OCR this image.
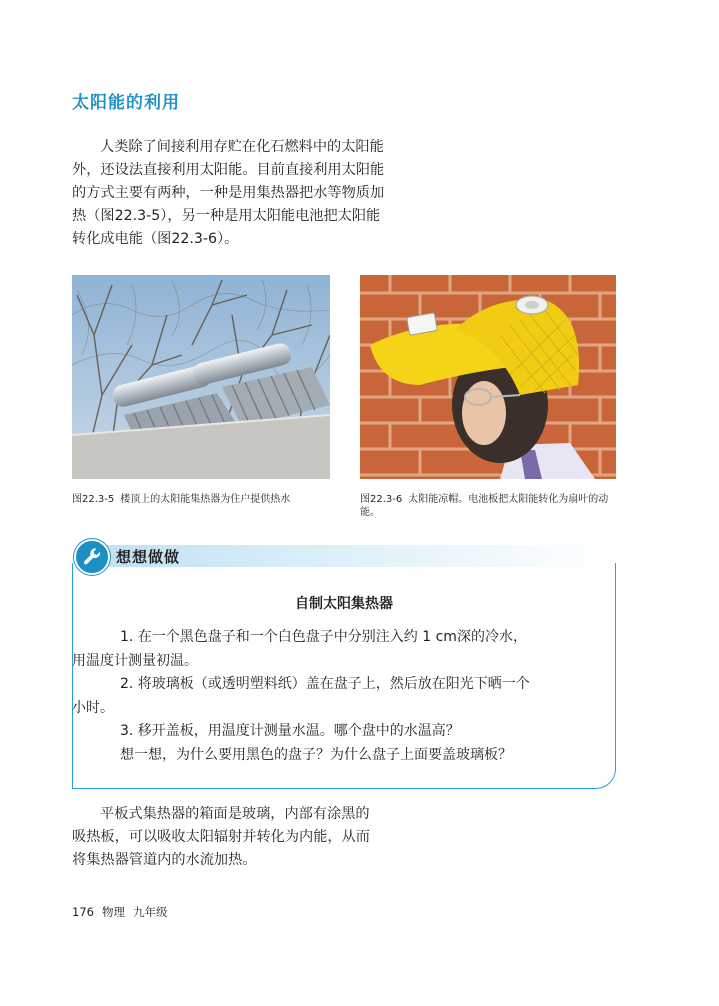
太阳能的利用
人类除了间接利用存贮在化石燃料中的太阳能
外，还设法直接利用太阳能。目前直接利用太阳能
的方式主要有两种，一种是用集热器把水等物质加
热（图22.3-5），另一种是用太阳能电池把太阳能
转化成电能（图22.3-6）。
图22.3-5 楼顶上的太阳能集热器为住户提供热水	图22.3-6 太阳能凉帽。电池板把太阳能转化为扇叶的动能。
想想做做
自制太阳集热器

1. 在一个黑色盘子和一个白色盘子中分别注入约 1 cm深的冷水，

用温度计测量初温。

2. 将玻璃板（或透明塑料纸）盖在盘子上，然后放在阳光下晒一个

小时。

3. 移开盖板，用温度计测量水温。哪个盘中的水温高？

想一想，为什么要用黑色的盘子？为什么盘子上面要盖玻璃板？

平板式集热器的箱面是玻璃，内部有涂黑的
吸热板，可以吸收太阳辐射并转化为内能，从而
将集热器管道内的水流加热。
176 物理 九年级
